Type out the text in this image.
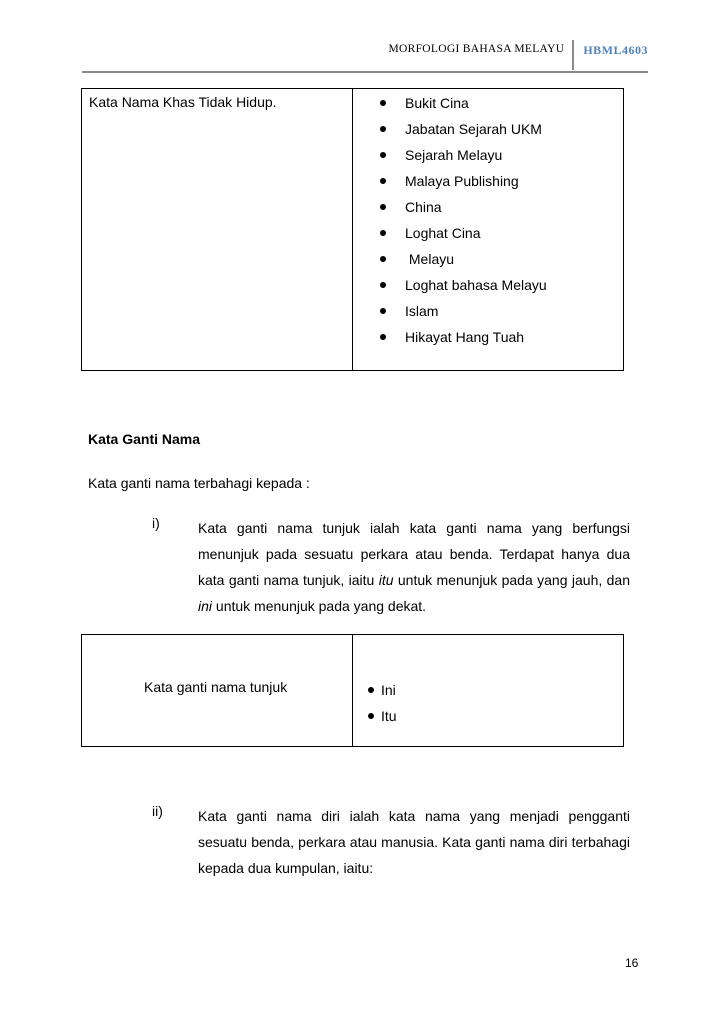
MORFOLOGI BAHASA MELAYU	HBML4603
Kata Nama Khas Tidak Hidup.	Bukit Cina
Jabatan Sejarah UKM
Sejarah Melayu
Malaya Publishing
China
Loghat Cina
Melayu
Loghat bahasa Melayu
Islam
Hikayat Hang Tuah
Kata Ganti Nama
Kata ganti nama terbahagi kepada :
i)	Kata ganti nama tunjuk ialah kata ganti nama yang berfungsi menunjuk pada sesuatu perkara atau benda. Terdapat hanya dua kata ganti nama tunjuk, iaitu itu untuk menunjuk pada yang jauh, dan ini untuk menunjuk pada yang dekat.
Kata ganti nama tunjuk	Ini
Itu
ii)	Kata ganti nama diri ialah kata nama yang menjadi pengganti sesuatu benda, perkara atau manusia. Kata ganti nama diri terbahagi kepada dua kumpulan, iaitu:
16
